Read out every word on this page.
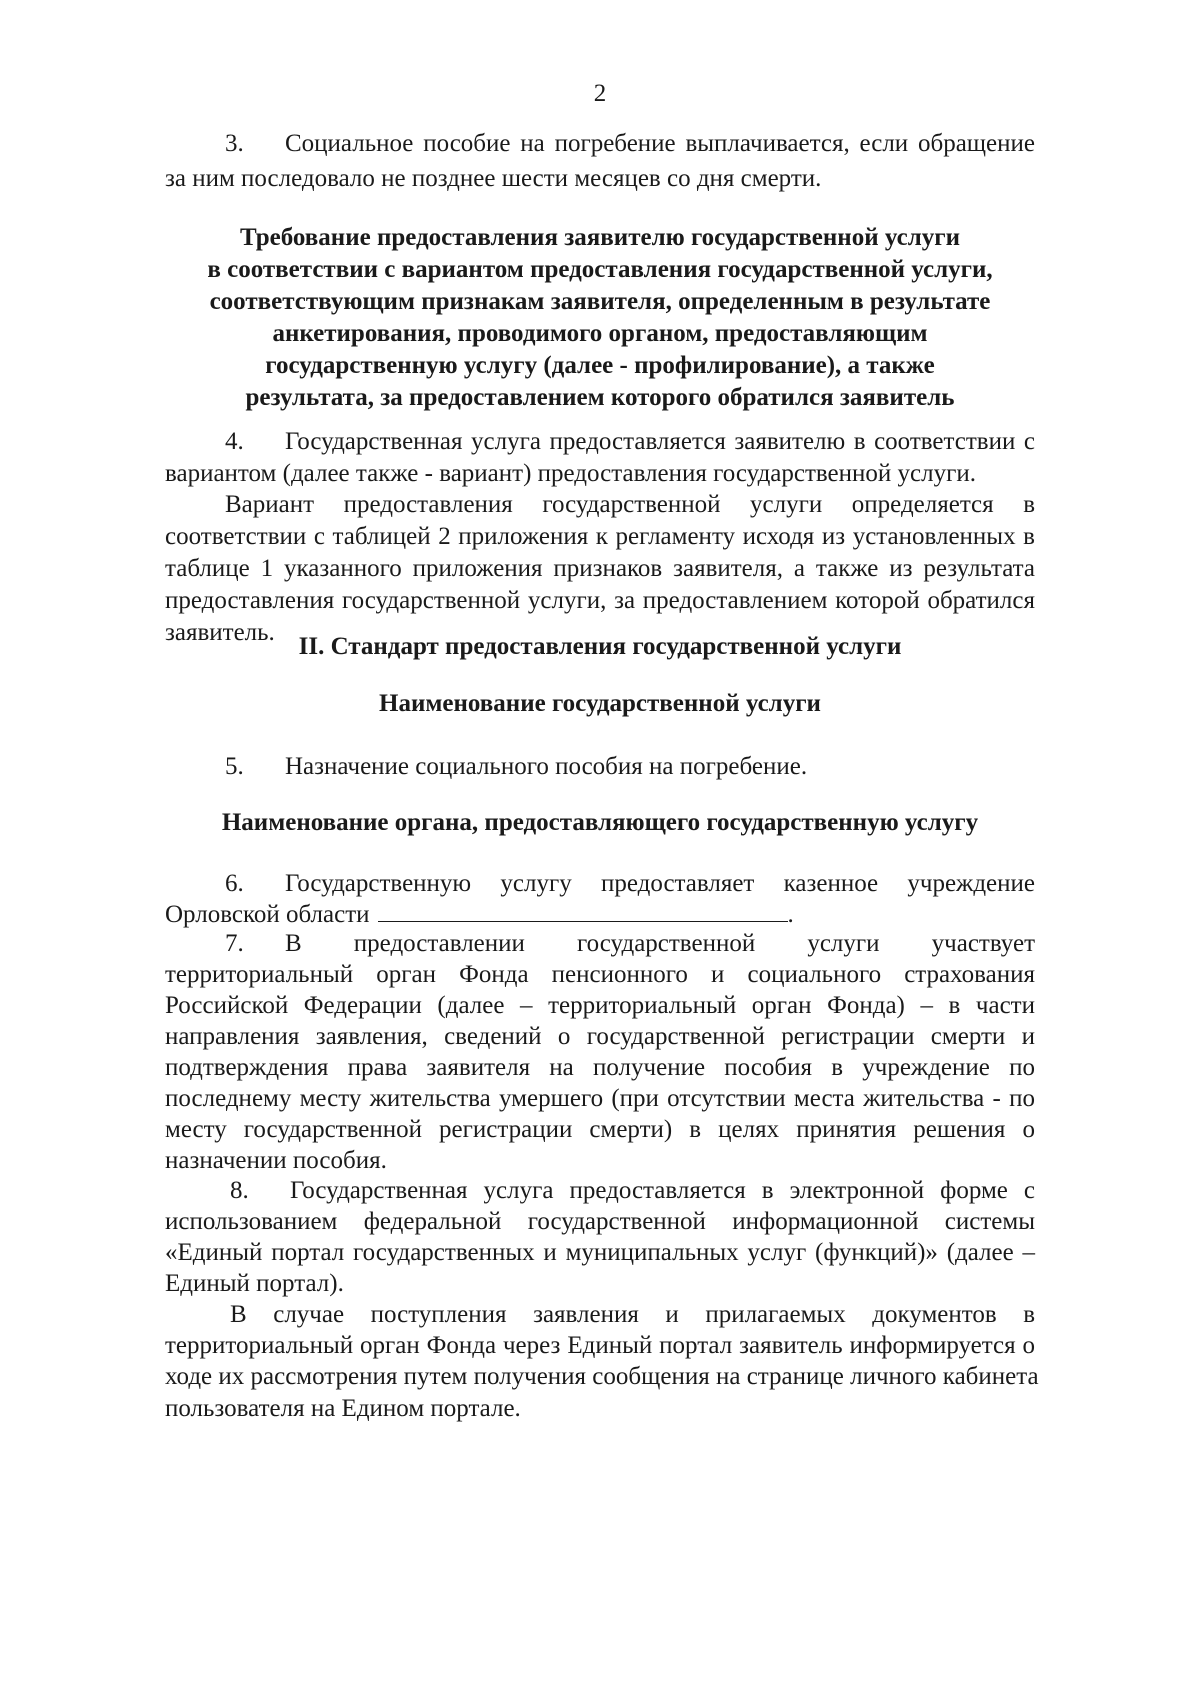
2
3. Социальное пособие на погребение выплачивается, если обращение
за ним последовало не позднее шести месяцев со дня смерти.
Требование предоставления заявителю государственной услуги
в соответствии с вариантом предоставления государственной услуги,
соответствующим признакам заявителя, определенным в результате
анкетирования, проводимого органом, предоставляющим
государственную услугу (далее - профилирование), а также
результата, за предоставлением которого обратился заявитель
4. Государственная услуга предоставляется заявителю в соответствии с
вариантом (далее также - вариант) предоставления государственной услуги.
Вариант предоставления государственной услуги определяется в
соответствии с таблицей 2 приложения к регламенту исходя из установленных в
таблице 1 указанного приложения признаков заявителя, а также из результата
предоставления государственной услуги, за предоставлением которой обратился
заявитель.
II. Стандарт предоставления государственной услуги
Наименование государственной услуги
5. Назначение социального пособия на погребение.
Наименование органа, предоставляющего государственную услугу
6. Государственную услугу предоставляет казенное учреждение
Орловской области	.
7. В предоставлении государственной услуги участвует
территориальный орган Фонда пенсионного и социального страхования
Российской Федерации (далее – территориальный орган Фонда) – в части
направления заявления, сведений о государственной регистрации смерти и
подтверждения права заявителя на получение пособия в учреждение по
последнему месту жительства умершего (при отсутствии места жительства - по
месту государственной регистрации смерти) в целях принятия решения о
назначении пособия.
8. Государственная услуга предоставляется в электронной форме с
использованием федеральной государственной информационной системы
«Единый портал государственных и муниципальных услуг (функций)» (далее –
Единый портал).
В случае поступления заявления и прилагаемых документов в
территориальный орган Фонда через Единый портал заявитель информируется о
ходе их рассмотрения путем получения сообщения на странице личного кабинета
пользователя на Едином портале.
